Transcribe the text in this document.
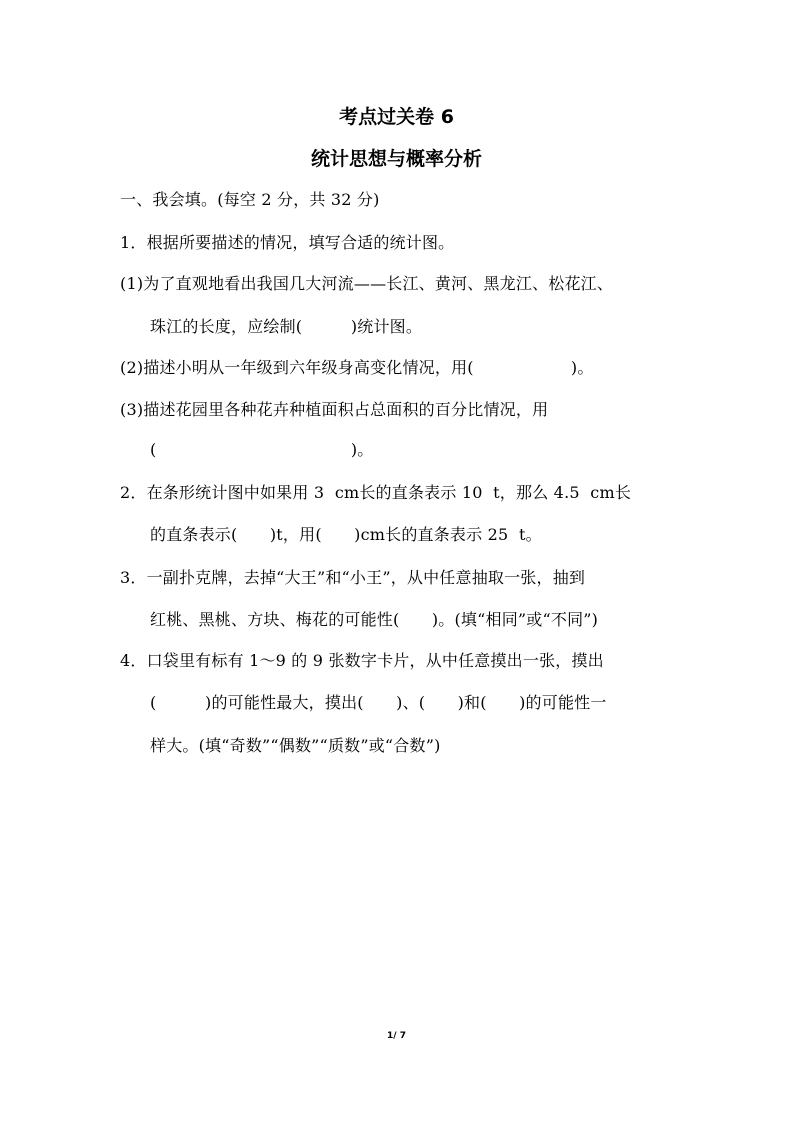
考点过关卷 6
统计思想与概率分析
一、我会填。(每空 2 分，共 32 分)
1．根据所要描述的情况，填写合适的统计图。
(1)为了直观地看出我国几大河流——长江、黄河、黑龙江、松花江、
珠江的长度，应绘制(　　　)统计图。
(2)描述小明从一年级到六年级身高变化情况，用(　　　　　　)。
(3)描述花园里各种花卉种植面积占总面积的百分比情况，用
(　　　　　　　　　　　　)。
2．在条形统计图中如果用 3  cm长的直条表示 10  t，那么 4.5  cm长
的直条表示(　　)t，用(　　)cm长的直条表示 25  t。
3．一副扑克牌，去掉“大王”和“小王”，从中任意抽取一张，抽到
红桃、黑桃、方块、梅花的可能性(　　)。(填“相同”或“不同”)
4．口袋里有标有 1～9 的 9 张数字卡片，从中任意摸出一张，摸出
(　　　)的可能性最大，摸出(　　)、(　　)和(　　)的可能性一
样大。(填“奇数”“偶数”“质数”或“合数”)
1/ 7
